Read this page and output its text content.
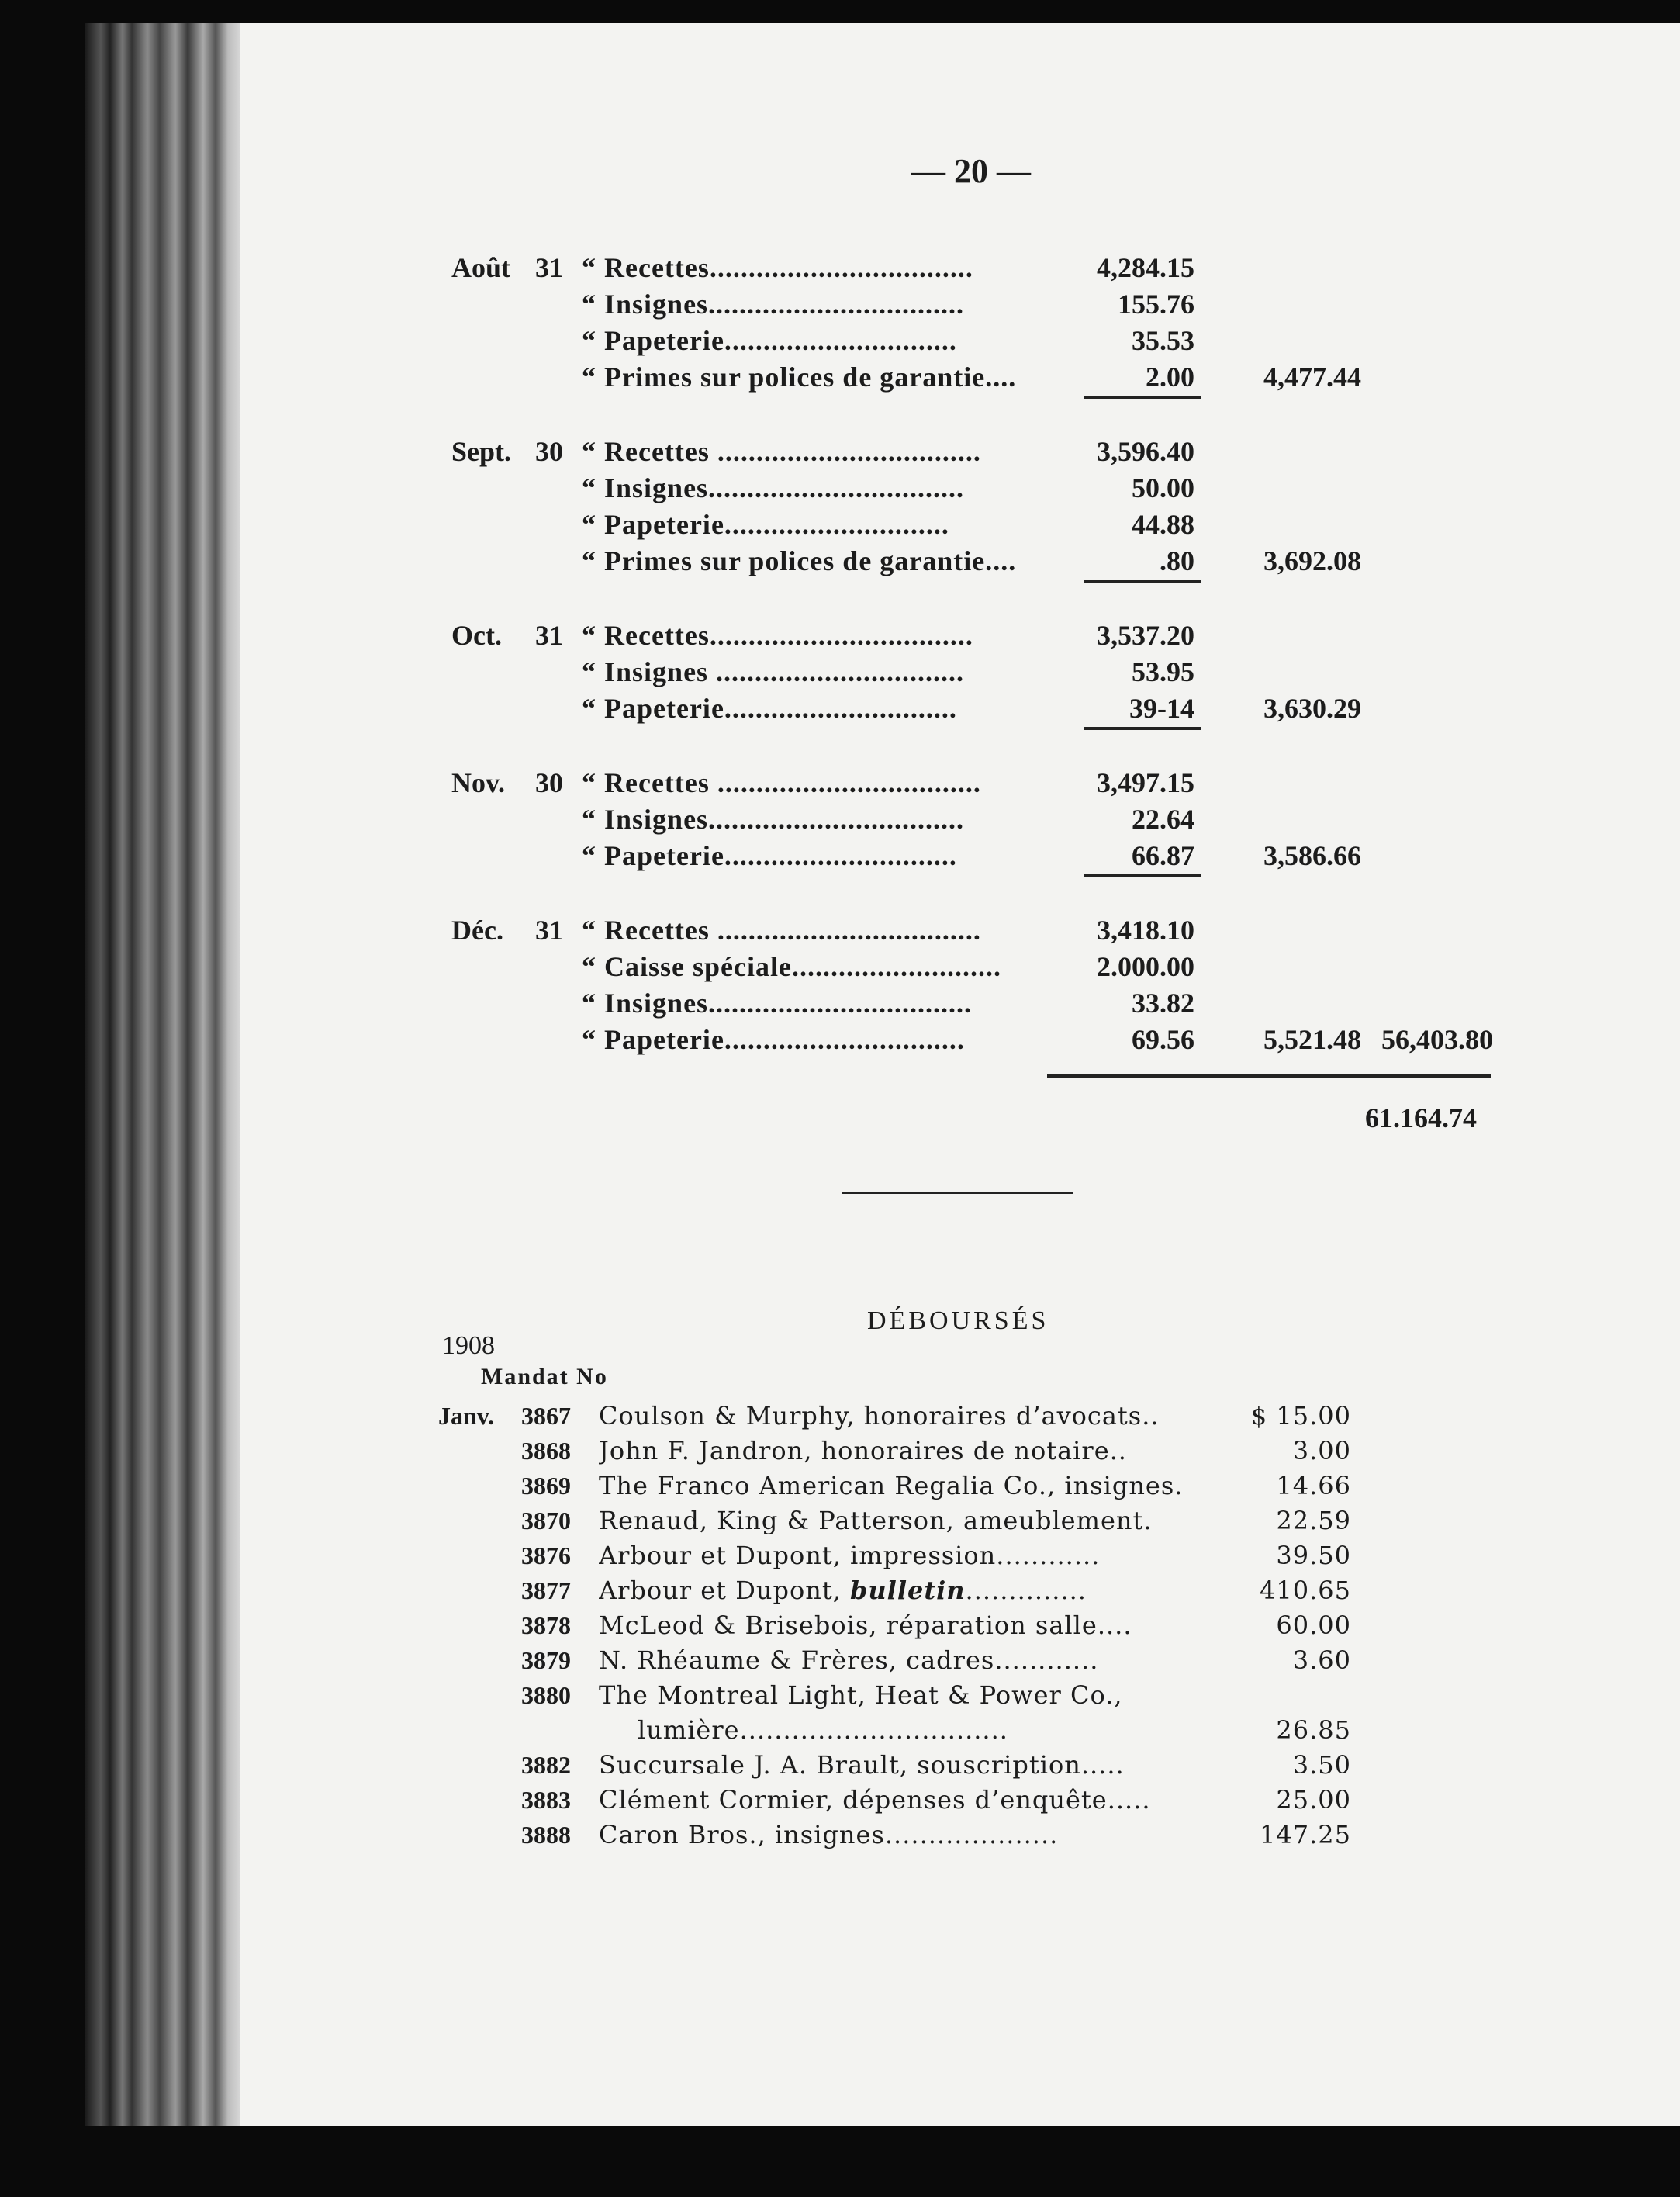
— 20 —
Août 31 “ Recettes..................................	4,284.15
“ Insignes.................................	155.76
“ Papeterie..............................	35.53
“ Primes sur polices de garantie....	2.00	4,477.44
Sept. 30 “ Recettes ..................................	3,596.40
“ Insignes.................................	50.00
“ Papeterie.............................	44.88
“ Primes sur polices de garantie....	.80	3,692.08
Oct. 31 “ Recettes..................................	3,537.20
“ Insignes ................................	53.95
“ Papeterie..............................	39-14	3,630.29
Nov. 30 “ Recettes ..................................	3,497.15
“ Insignes.................................	22.64
“ Papeterie..............................	66.87	3,586.66
Déc. 31 “ Recettes ..................................	3,418.10
“ Caisse spéciale...........................	2.000.00
“ Insignes..................................	33.82
“ Papeterie...............................	69.56	5,521.48 56,403.80
61.164.74
DÉBOURSÉS
1908
Mandat No
Janv. 3867 Coulson & Murphy, honoraires d’avocats..	$ 15.00
3868 John F. Jandron, honoraires de notaire..	3.00
3869 The Franco American Regalia Co., insignes.	14.66
3870 Renaud, King & Patterson, ameublement.	22.59
3876 Arbour et Dupont, impression............	39.50
3877 Arbour et Dupont, bulletin..............	410.65
3878 McLeod & Brisebois, réparation salle....	60.00
3879 N. Rhéaume & Frères, cadres............	3.60
3880 The Montreal Light, Heat & Power Co.,
lumière...............................	26.85
3882 Succursale J. A. Brault, souscription.....	3.50
3883 Clément Cormier, dépenses d’enquête.....	25.00
3888 Caron Bros., insignes....................	147.25
